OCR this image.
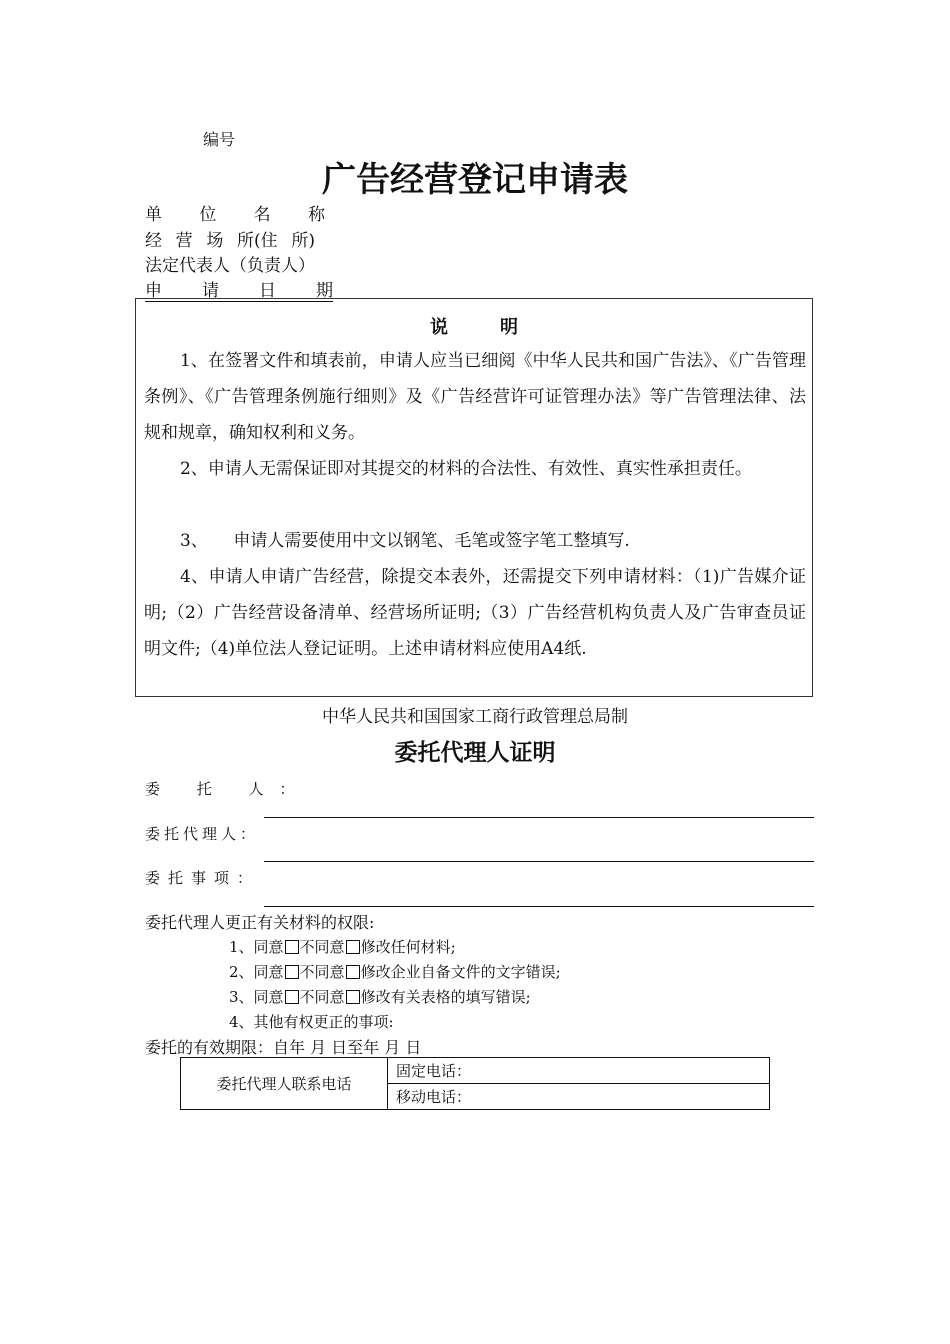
编号
广告经营登记申请表
单 位 名 称
经 营 场 所(住 所)
法定代表人（负责人）
申 请 日 期
说明
1、在签署文件和填表前，申请人应当已细阅《中华人民共和国广告法》、《广告管理条例》、《广告管理条例施行细则》及《广告经营许可证管理办法》等广告管理法律、法规和规章，确知权利和义务。
2、申请人无需保证即对其提交的材料的合法性、有效性、真实性承担责任。
3、　　申请人需要使用中文以钢笔、毛笔或签字笔工整填写.
4、申请人申请广告经营，除提交本表外，还需提交下列申请材料：（1)广告媒介证明;（2）广告经营设备清单、经营场所证明;（3）广告经营机构负责人及广告审查员证明文件;（4)单位法人登记证明。上述申请材料应使用A4纸.
中华人民共和国国家工商行政管理总局制
委托代理人证明
委 托 人：
委托代理人：
委托事项：
委托代理人更正有关材料的权限:
1、同意 不同意 修改任何材料;
2、同意 不同意 修改企业自备文件的文字错误;
3、同意 不同意 修改有关表格的填写错误;
4、其他有权更正的事项:
委托的有效期限：自年 月 日至年 月 日
委托代理人联系电话	固定电话：
移动电话：
